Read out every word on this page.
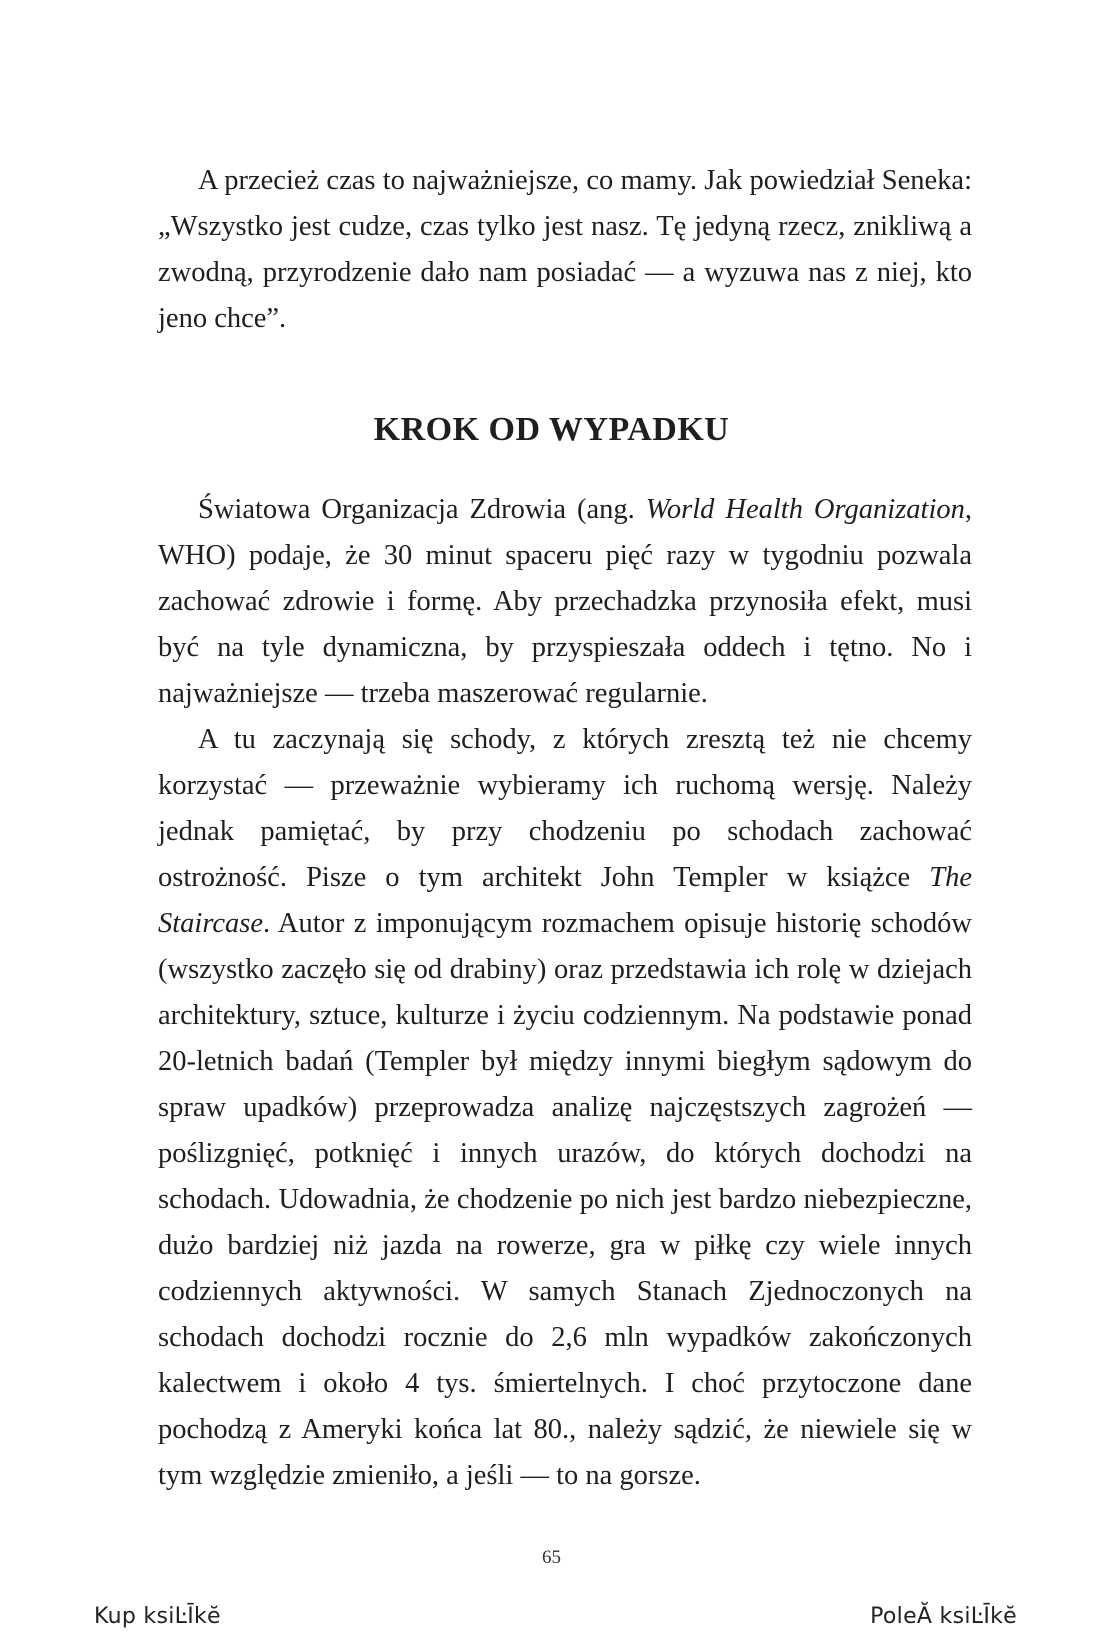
A przecież czas to najważniejsze, co mamy. Jak powiedział Seneka: „Wszystko jest cudze, czas tylko jest nasz. Tę jedyną rzecz, znikliwą a zwodną, przyrodzenie dało nam posiadać — a wyzuwa nas z niej, kto jeno chce”.

KROK OD WYPADKU

Światowa Organizacja Zdrowia (ang. World Health Organization, WHO) podaje, że 30 minut spaceru pięć razy w tygodniu pozwala zachować zdrowie i formę. Aby przechadzka przynosiła efekt, musi być na tyle dynamiczna, by przyspieszała oddech i tętno. No i najważniejsze — trzeba maszerować regularnie.

A tu zaczynają się schody, z których zresztą też nie chcemy korzystać — przeważnie wybieramy ich ruchomą wersję. Należy jednak pamiętać, by przy chodzeniu po schodach zachować ostrożność. Pisze o tym architekt John Templer w książce The Staircase. Autor z imponującym rozmachem opisuje historię schodów (wszystko zaczęło się od drabiny) oraz przedstawia ich rolę w dziejach architektury, sztuce, kulturze i życiu codziennym. Na podstawie ponad 20-letnich badań (Templer był między innymi biegłym sądowym do spraw upadków) przeprowadza analizę najczęstszych zagrożeń — poślizgnięć, potknięć i innych urazów, do których dochodzi na schodach. Udowadnia, że chodzenie po nich jest bardzo niebezpieczne, dużo bardziej niż jazda na rowerze, gra w piłkę czy wiele innych codziennych aktywności. W samych Stanach Zjednoczonych na schodach dochodzi rocznie do 2,6 mln wypadków zakończonych kalectwem i około 4 tys. śmiertelnych. I choć przytoczone dane pochodzą z Ameryki końca lat 80., należy sądzić, że niewiele się w tym względzie zmieniło, a jeśli — to na gorsze.

65
Kup ksiĿĪkĕ	PoleĂ ksiĿĪkĕ
